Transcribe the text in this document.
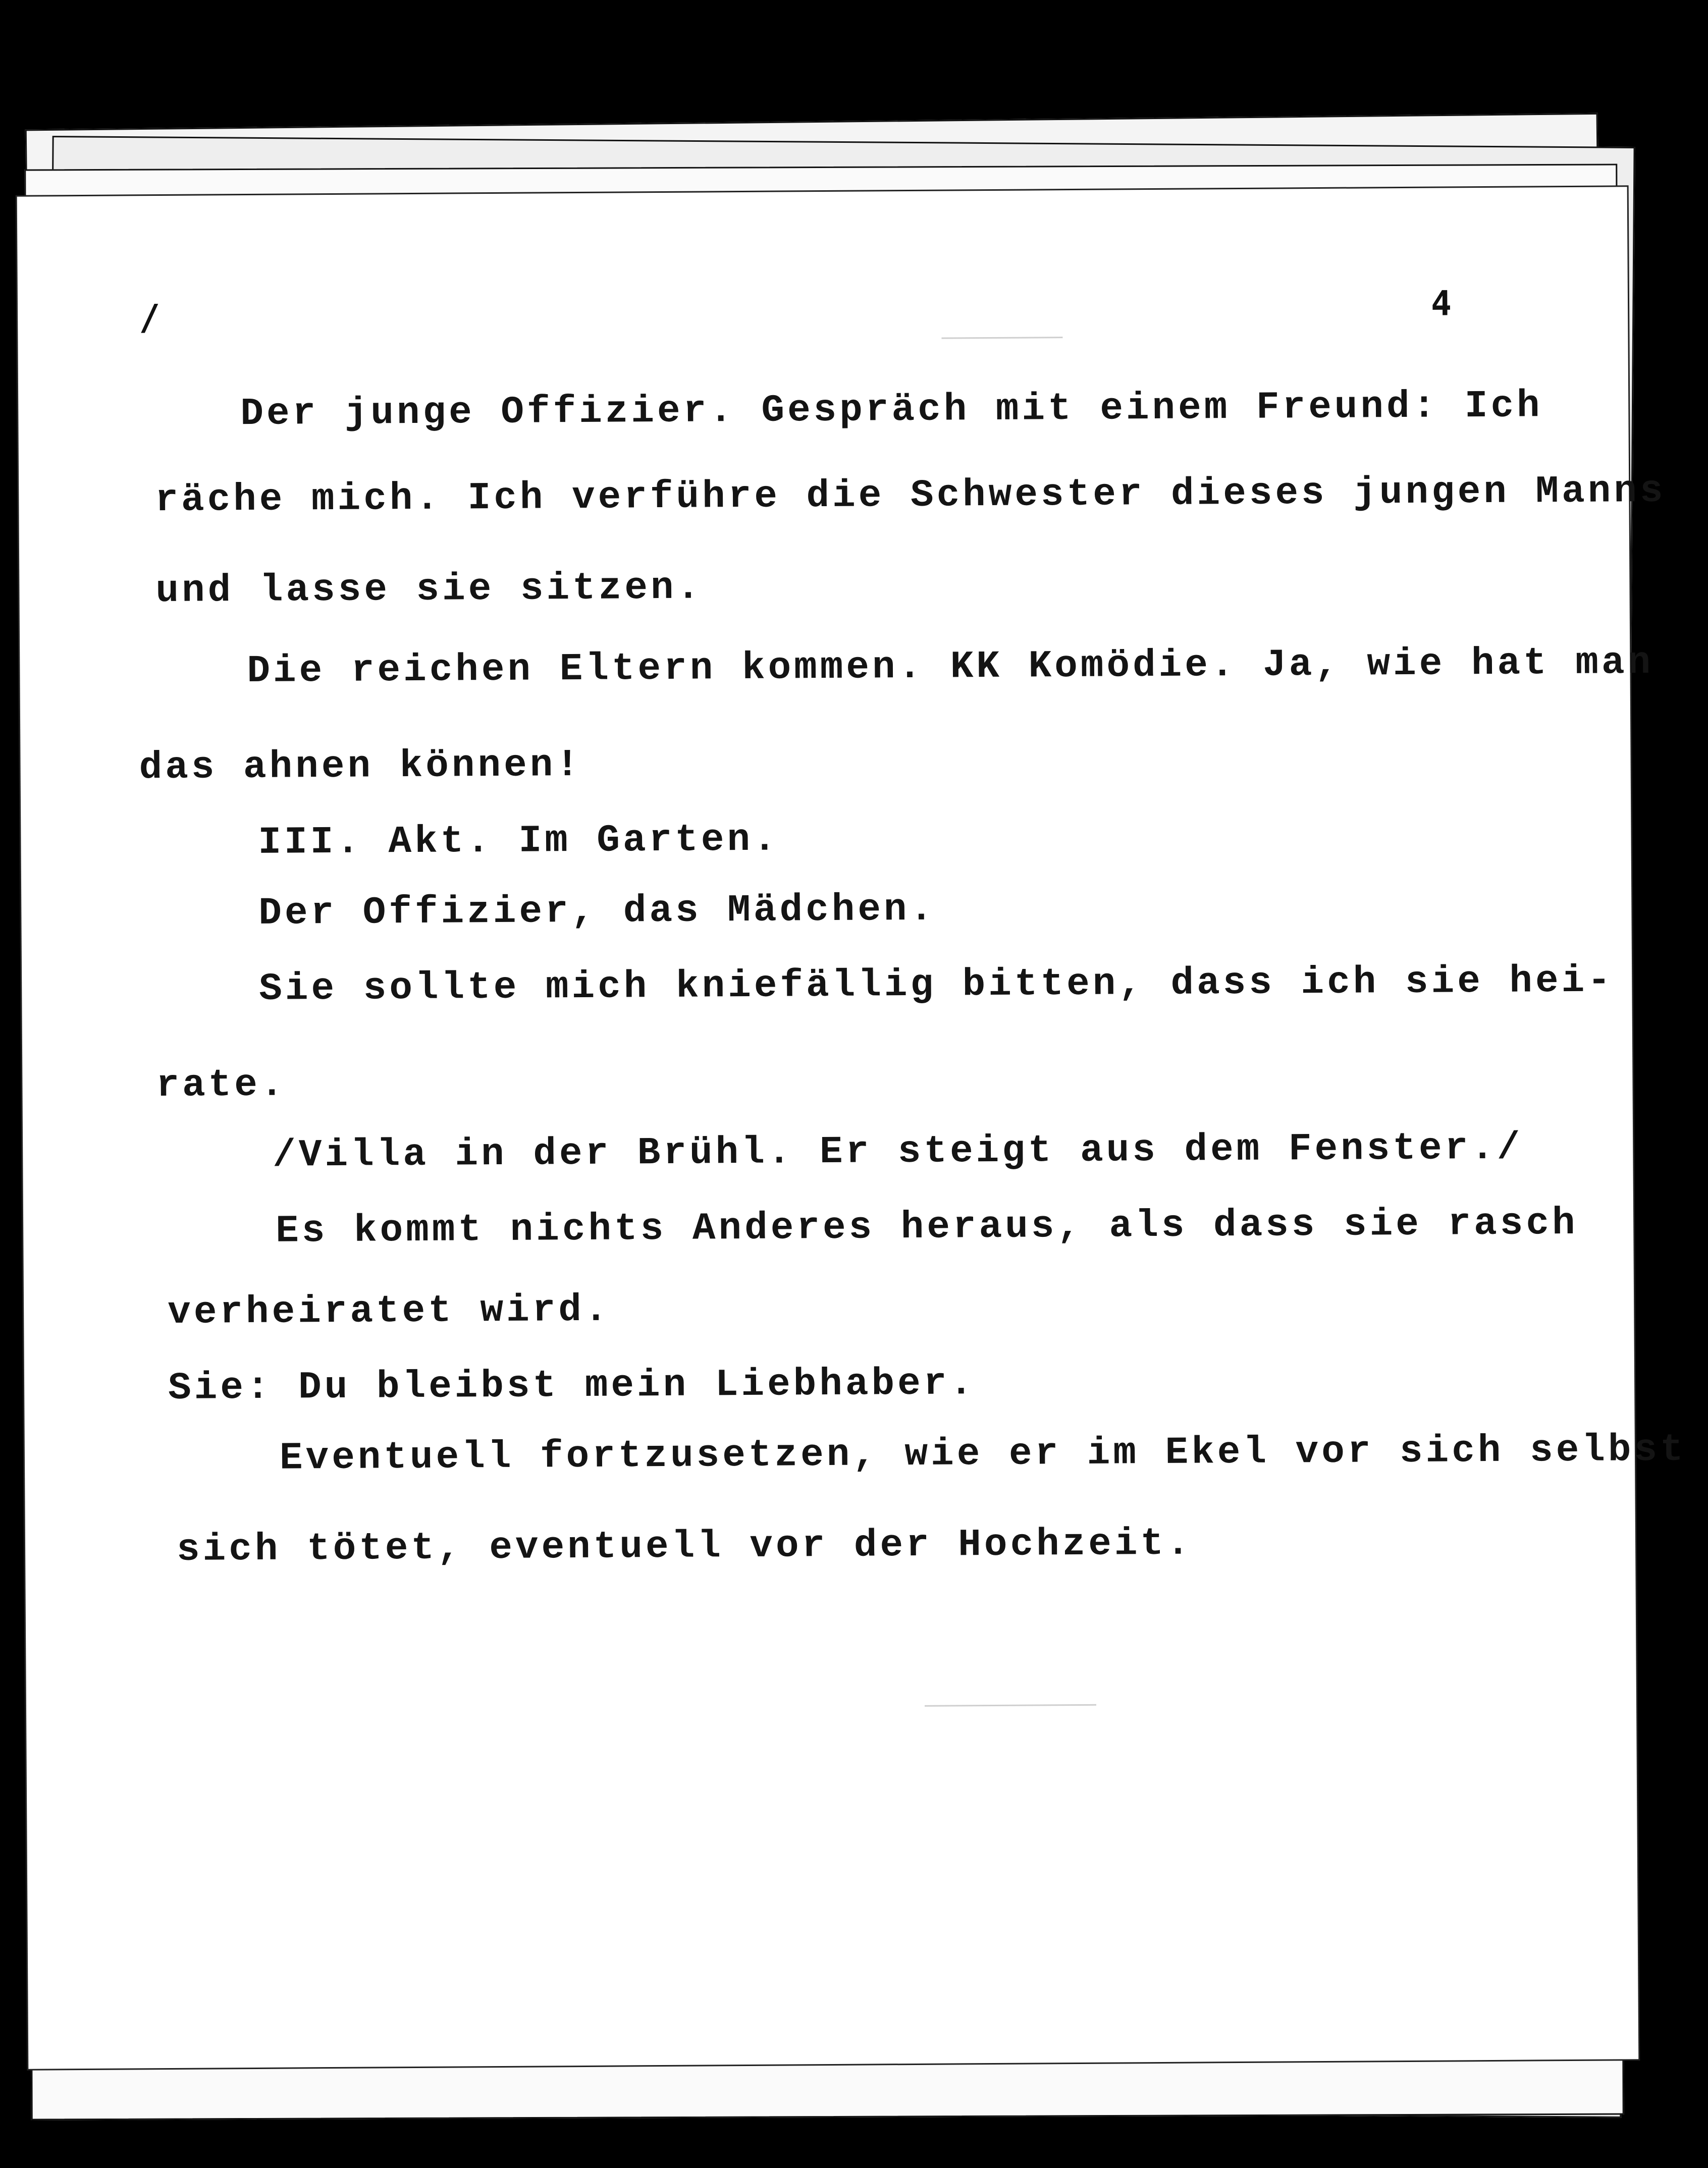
/	4
Der junge Offizier. Gespräch mit einem Freund: Ich
räche mich. Ich verführe die Schwester dieses jungen Manns
und lasse sie sitzen.
Die reichen Eltern kommen. KK Komödie. Ja, wie hat man
das ahnen können!
III. Akt. Im Garten.
Der Offizier, das Mädchen.
Sie sollte mich kniefällig bitten, dass ich sie hei-
rate.
/Villa in der Brühl. Er steigt aus dem Fenster./
Es kommt nichts Anderes heraus, als dass sie rasch
verheiratet wird.
Sie: Du bleibst mein Liebhaber.
Eventuell fortzusetzen, wie er im Ekel vor sich selbst
sich tötet, eventuell vor der Hochzeit.
